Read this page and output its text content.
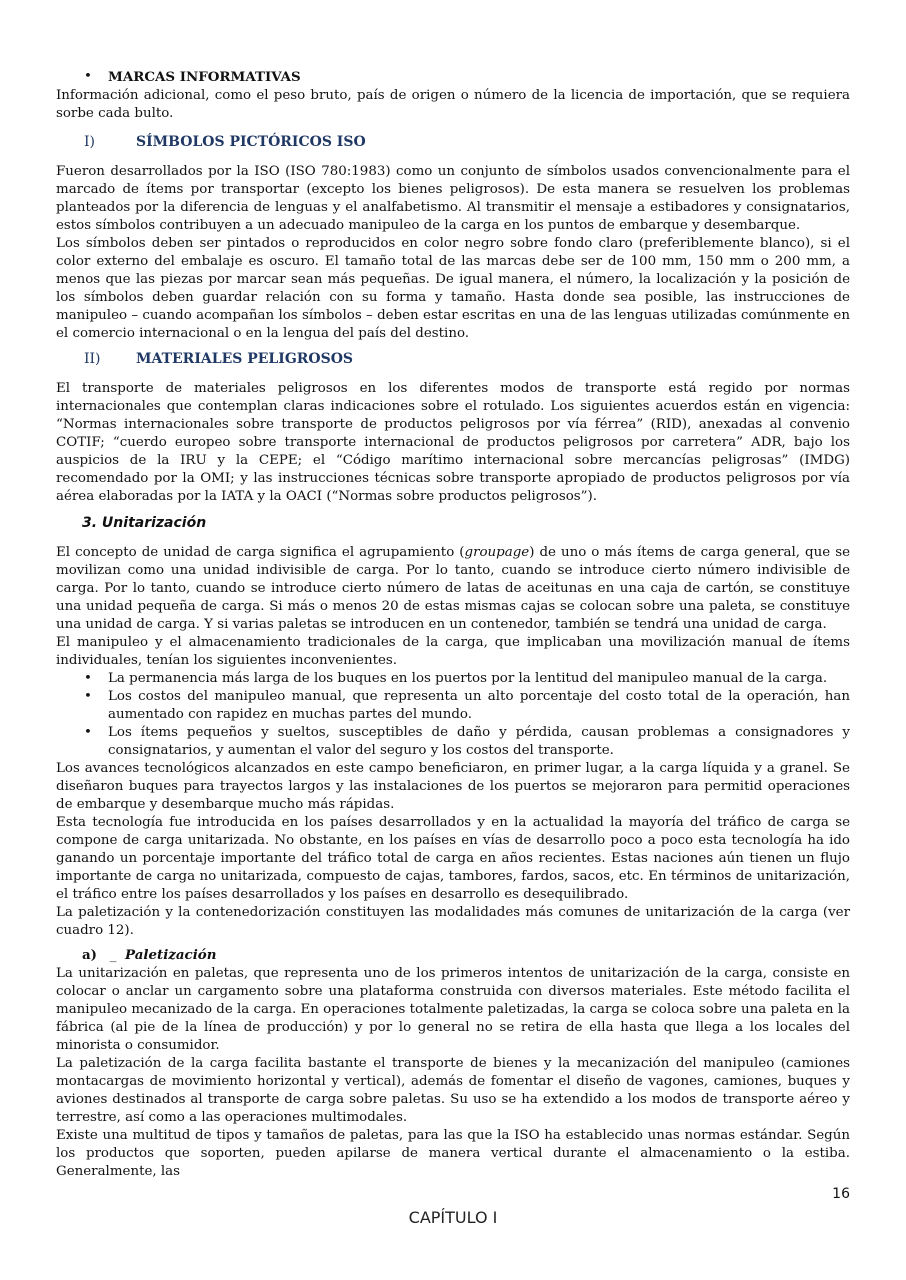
• MARCAS INFORMATIVAS

Información adicional, como el peso bruto, país de origen o número de la licencia de importación, que se requiera sorbe cada bulto.

I)	SÍMBOLOS PICTÓRICOS ISO

Fueron desarrollados por la ISO (ISO 780:1983) como un conjunto de símbolos usados convencionalmente para el marcado de ítems por transportar (excepto los bienes peligrosos). De esta manera se resuelven los problemas planteados por la diferencia de lenguas y el analfabetismo. Al transmitir el mensaje a estibadores y consignatarios, estos símbolos contribuyen a un adecuado manipuleo de la carga en los puntos de embarque y desembarque.

Los símbolos deben ser pintados o reproducidos en color negro sobre fondo claro (preferiblemente blanco), si el color externo del embalaje es oscuro. El tamaño total de las marcas debe ser de 100 mm, 150 mm o 200 mm, a menos que las piezas por marcar sean más pequeñas. De igual manera, el número, la localización y la posición de los símbolos deben guardar relación con su forma y tamaño. Hasta donde sea posible, las instrucciones de manipuleo – cuando acompañan los símbolos – deben estar escritas en una de las lenguas utilizadas comúnmente en el comercio internacional o en la lengua del país del destino.

II)	MATERIALES PELIGROSOS

El transporte de materiales peligrosos en los diferentes modos de transporte está regido por normas internacionales que contemplan claras indicaciones sobre el rotulado. Los siguientes acuerdos están en vigencia: “Normas internacionales sobre transporte de productos peligrosos por vía férrea” (RID), anexadas al convenio COTIF; “cuerdo europeo sobre transporte internacional de productos peligrosos por carretera” ADR, bajo los auspicios de la IRU y la CEPE; el “Código marítimo internacional sobre mercancías peligrosas” (IMDG) recomendado por la OMI; y las instrucciones técnicas sobre transporte apropiado de productos peligrosos por vía aérea elaboradas por la IATA y la OACI (“Normas sobre productos peligrosos”).

3. Unitarización

El concepto de unidad de carga significa el agrupamiento (groupage) de uno o más ítems de carga general, que se movilizan como una unidad indivisible de carga. Por lo tanto, cuando se introduce cierto número indivisible de carga. Por lo tanto, cuando se introduce cierto número de latas de aceitunas en una caja de cartón, se constituye una unidad pequeña de carga. Si más o menos 20 de estas mismas cajas se colocan sobre una paleta, se constituye una unidad de carga. Y si varias paletas se introducen en un contenedor, también se tendrá una unidad de carga.

El manipuleo y el almacenamiento tradicionales de la carga, que implicaban una movilización manual de ítems individuales, tenían los siguientes inconvenientes.

• La permanencia más larga de los buques en los puertos por la lentitud del manipuleo manual de la carga.
• Los costos del manipuleo manual, que representa un alto porcentaje del costo total de la operación, han aumentado con rapidez en muchas partes del mundo.
• Los ítems pequeños y sueltos, susceptibles de daño y pérdida, causan problemas a consignadores y consignatarios, y aumentan el valor del seguro y los costos del transporte.

Los avances tecnológicos alcanzados en este campo beneficiaron, en primer lugar, a la carga líquida y a granel. Se diseñaron buques para trayectos largos y las instalaciones de los puertos se mejoraron para permitid operaciones de embarque y desembarque mucho más rápidas.

Esta tecnología fue introducida en los países desarrollados y en la actualidad la mayoría del tráfico de carga se compone de carga unitarizada. No obstante, en los países en vías de desarrollo poco a poco esta tecnología ha ido ganando un porcentaje importante del tráfico total de carga en años recientes. Estas naciones aún tienen un flujo importante de carga no unitarizada, compuesto de cajas, tambores, fardos, sacos, etc. En términos de unitarización, el tráfico entre los países desarrollados y los países en desarrollo es desequilibrado.

La paletización y la contenedorización constituyen las modalidades más comunes de unitarización de la carga (ver cuadro 12).

a) _ Paletización

La unitarización en paletas, que representa uno de los primeros intentos de unitarización de la carga, consiste en colocar o anclar un cargamento sobre una plataforma construida con diversos materiales. Este método facilita el manipuleo mecanizado de la carga. En operaciones totalmente paletizadas, la carga se coloca sobre una paleta en la fábrica (al pie de la línea de producción) y por lo general no se retira de ella hasta que llega a los locales del minorista o consumidor.

La paletización de la carga facilita bastante el transporte de bienes y la mecanización del manipuleo (camiones montacargas de movimiento horizontal y vertical), además de fomentar el diseño de vagones, camiones, buques y aviones destinados al transporte de carga sobre paletas. Su uso se ha extendido a los modos de transporte aéreo y terrestre, así como a las operaciones multimodales.

Existe una multitud de tipos y tamaños de paletas, para las que la ISO ha establecido unas normas estándar. Según los productos que soporten, pueden apilarse de manera vertical durante el almacenamiento o la estiba. Generalmente, las

16
CAPÍTULO I
